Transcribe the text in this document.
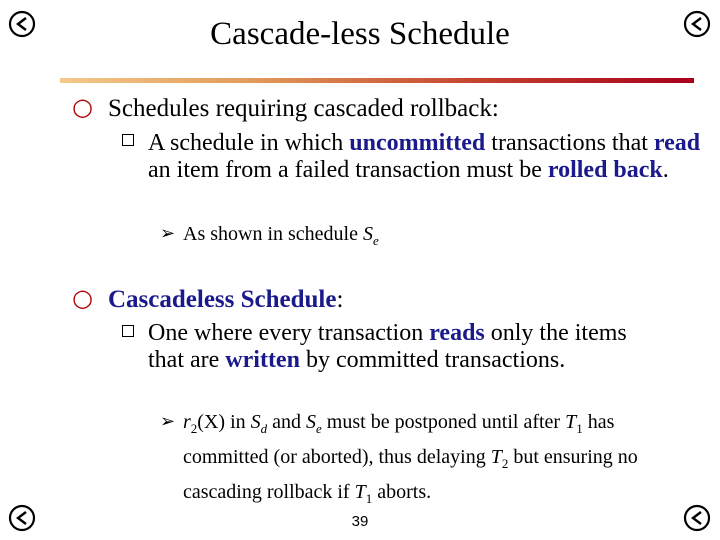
Cascade-less Schedule
○ Schedules requiring cascaded rollback:
A schedule in which uncommitted transactions that read an item from a failed transaction must be rolled back.
➢ As shown in schedule $S_e$
○ Cascadeless Schedule:
One where every transaction reads only the items that are written by committed transactions.
➢ $r_2(X)$ in $S_d$ and $S_e$ must be postponed until after $T_1$ has committed (or aborted), thus delaying $T_2$ but ensuring no cascading rollback if $T_1$ aborts.
39
